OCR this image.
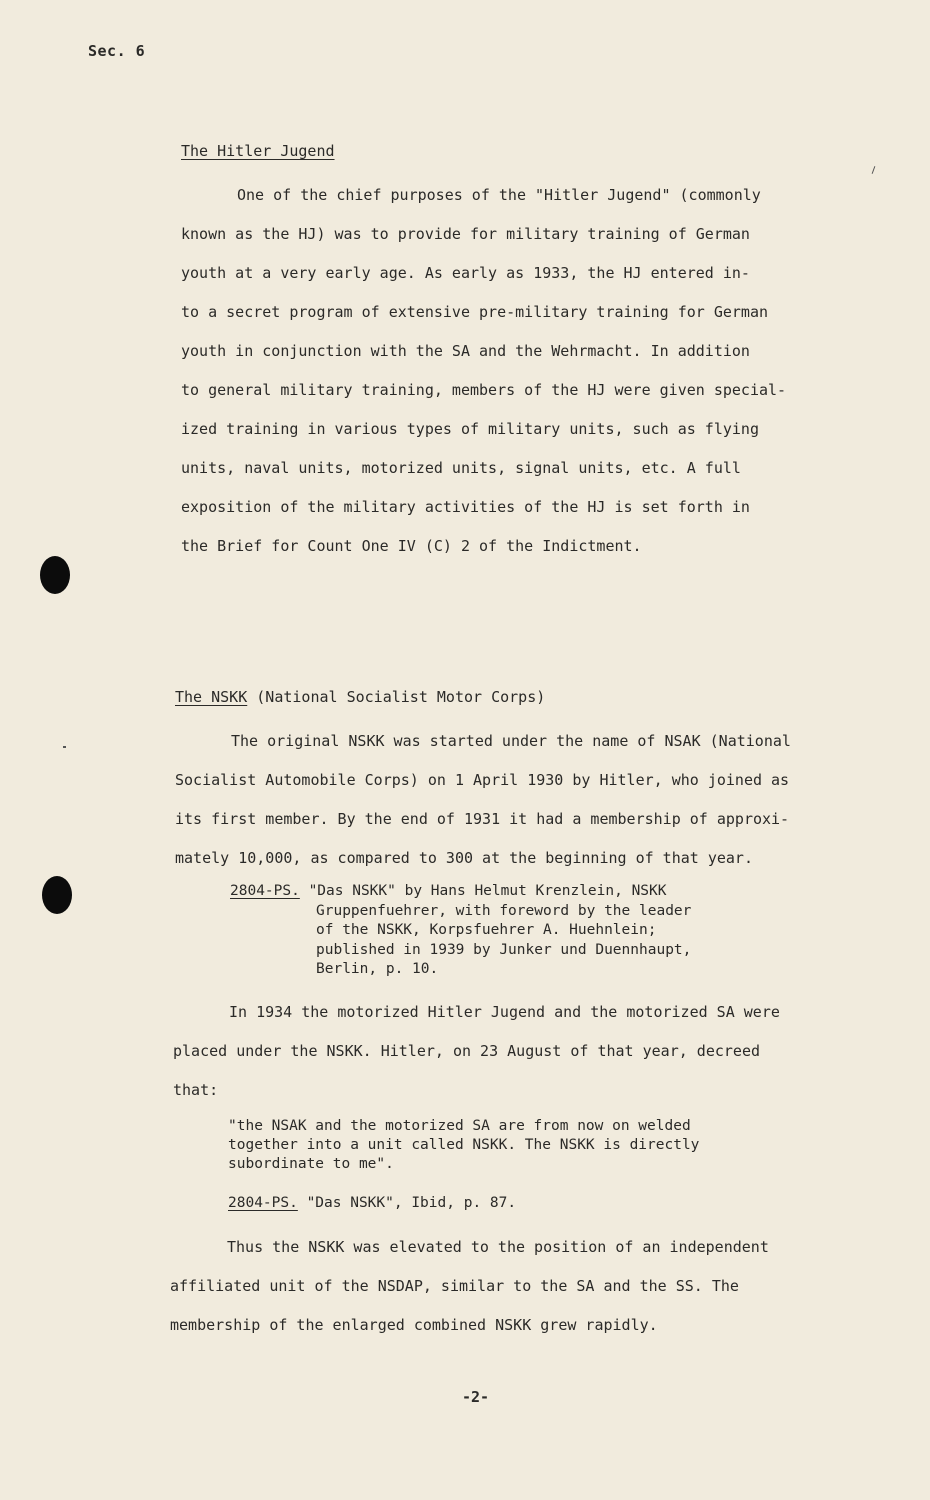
Sec. 6
The Hitler Jugend
One of the chief purposes of the "Hitler Jugend" (commonly
known as the HJ) was to provide for military training of German
youth at a very early age. As early as 1933, the HJ entered in-
to a secret program of extensive pre-military training for German
youth in conjunction with the SA and the Wehrmacht. In addition
to general military training, members of the HJ were given special-
ized training in various types of military units, such as flying
units, naval units, motorized units, signal units, etc. A full
exposition of the military activities of the HJ is set forth in
the Brief for Count One IV (C) 2 of the Indictment.
The NSKK (National Socialist Motor Corps)
The original NSKK was started under the name of NSAK (National
Socialist Automobile Corps) on 1 April 1930 by Hitler, who joined as
its first member. By the end of 1931 it had a membership of approxi-
mately 10,000, as compared to 300 at the beginning of that year.
2804-PS. "Das NSKK" by Hans Helmut Krenzlein, NSKK
Gruppenfuehrer, with foreword by the leader
of the NSKK, Korpsfuehrer A. Huehnlein;
published in 1939 by Junker und Duennhaupt,
Berlin, p. 10.
In 1934 the motorized Hitler Jugend and the motorized SA were
placed under the NSKK. Hitler, on 23 August of that year, decreed
that:
"the NSAK and the motorized SA are from now on welded
together into a unit called NSKK. The NSKK is directly
subordinate to me".
2804-PS. "Das NSKK", Ibid, p. 87.
Thus the NSKK was elevated to the position of an independent
affiliated unit of the NSDAP, similar to the SA and the SS. The
membership of the enlarged combined NSKK grew rapidly.
-2-
